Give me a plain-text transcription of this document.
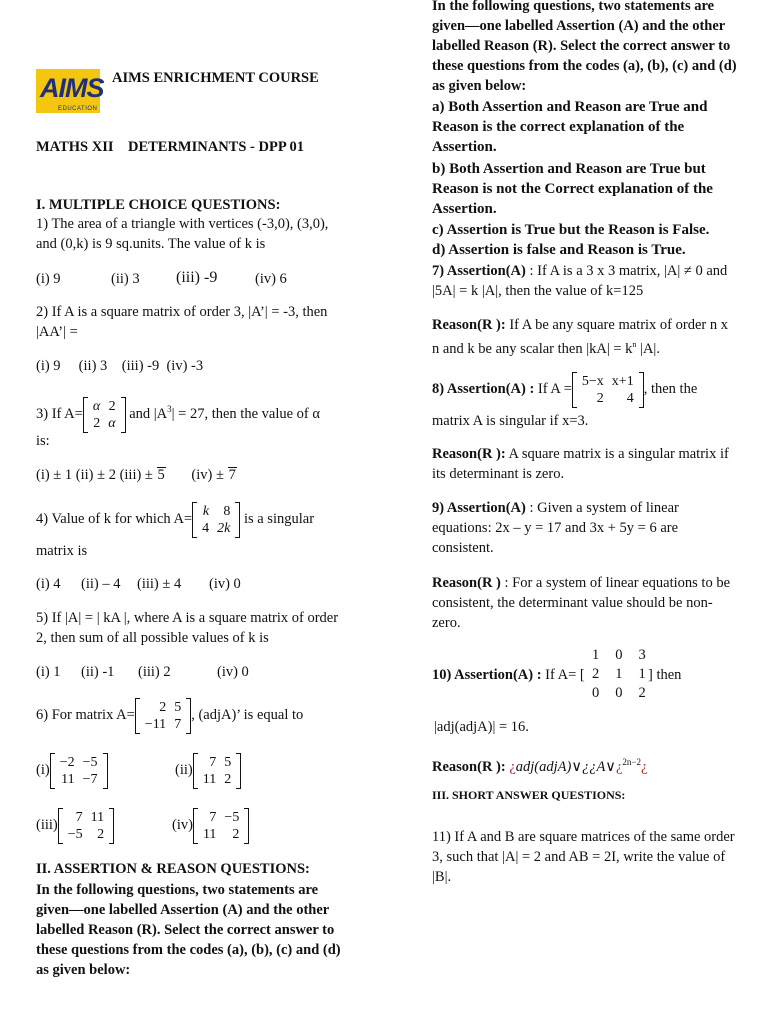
AIMS
EDUCATION
AIMS ENRICHMENT COURSE
MATHS XII    DETERMINANTS - DPP 01
I. MULTIPLE CHOICE QUESTIONS:
1) The area of a triangle with vertices (-3,0), (3,0), and (0,k) is 9 sq.units. The value of k is
(i) 9	(ii) 3 (iii) -9	(iv) 6
2) If A is a square matrix of order 3, |A’| = -3, then |AA’| =
(i) 9     (ii) 3    (iii) -9  (iv) -3
3) If A= α	2
2	α
and $|A^3| = 27$, then the value of α
is:
(i) ± 1 (ii) ± 2 (iii) ± 5 (iv) ± 7
4) Value of k for which A= k	8
4	2k
is a singular
matrix is
(i) 4 (ii) – 4 (iii) ± 4 (iv) 0
5) If |A| = | kA |, where A is a square matrix of order 2, then sum of all possible values of k is
(i) 1 (ii) -1 (iii) 2	(iv) 0
6) For matrix A= 2	5
−11	7
, (adjA)’ is equal to
(i) −2	−5
11	−7
(ii) 7	5
11	2
(iii) 7	11
−5	2
(iv) 7	−5
11	2
II. ASSERTION & REASON QUESTIONS:
In the following questions, two statements are given—one labelled Assertion (A) and the other labelled Reason (R). Select the correct answer to these questions from the codes (a), (b), (c) and (d) as given below:
In the following questions, two statements are given—one labelled Assertion (A) and the other labelled Reason (R). Select the correct answer to these questions from the codes (a), (b), (c) and (d) as given below:
a) Both Assertion and Reason are True and Reason is the correct explanation of the Assertion.
b) Both Assertion and Reason are True but Reason is not the Correct explanation of the Assertion.
c) Assertion is True but the Reason is False.
d) Assertion is false and Reason is True.
7) Assertion(A) : If A is a 3 x 3 matrix, |A| ≠ 0 and |5A| = k |A|, then the value of k=125
Reason(R ): If A be any square matrix of order n x n and k be any scalar then $|kA| = k^n$ |A|.
8) Assertion(A) : If A = 5−x	x+1
2	4
, then the
matrix A is singular if x=3.
Reason(R ): A square matrix is a singular matrix if its determinant is zero.
9) Assertion(A) : Given a system of linear equations: 2x – y = 17 and 3x + 5y = 6 are consistent.
Reason(R ) : For a system of linear equations to be consistent, the determinant value should be non-zero.
10) Assertion(A) : If A= [
1	0	3
2	1	1
0	0	2
] then
|adj(adjA)| = 16.
Reason(R ): ¿adj(adjA)∨¿¿A∨¿$^{2n-2}$¿
III. SHORT ANSWER QUESTIONS:
11) If A and B are square matrices of the same order 3, such that |A| = 2 and AB = 2I, write the value of |B|.
